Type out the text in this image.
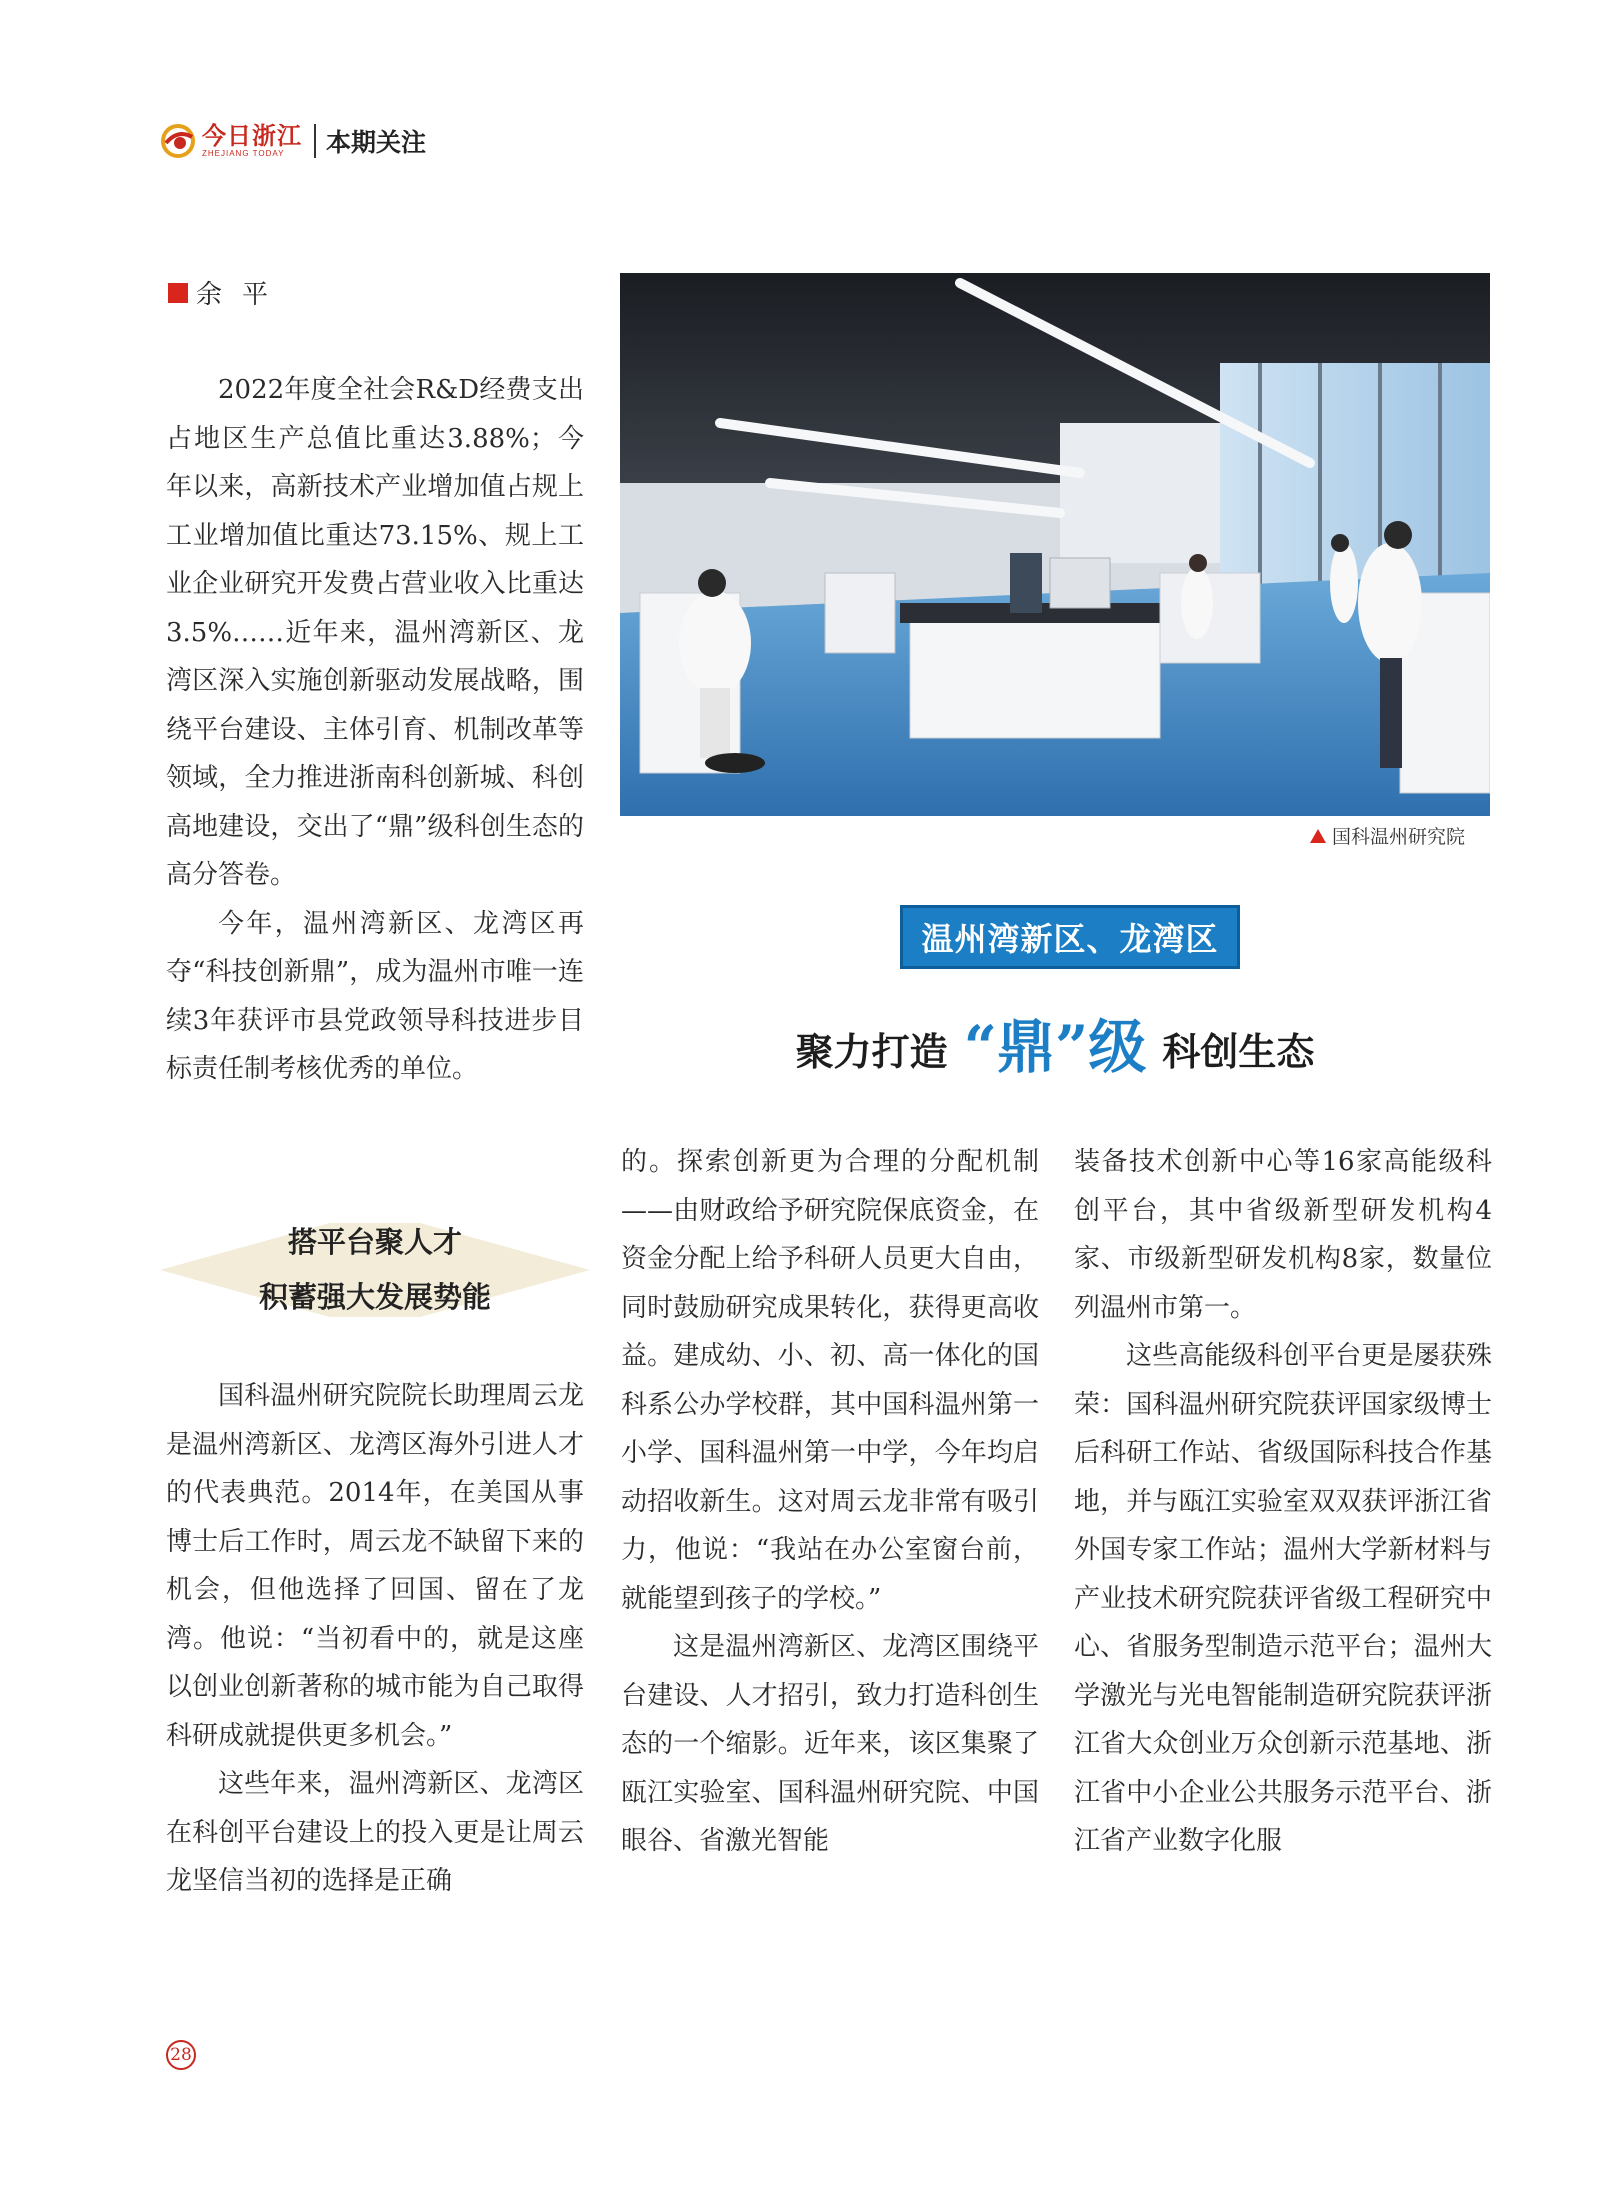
今日浙江
ZHEJIANG TODAY	本期关注
余平

2022年度全社会R&D经费支出占地区生产总值比重达3.88%；今年以来，高新技术产业增加值占规上工业增加值比重达73.15%、规上工业企业研究开发费占营业收入比重达3.5%……近年来，温州湾新区、龙湾区深入实施创新驱动发展战略，围绕平台建设、主体引育、机制改革等领域，全力推进浙南科创新城、科创高地建设，交出了“鼎”级科创生态的高分答卷。

今年，温州湾新区、龙湾区再夺“科技创新鼎”，成为温州市唯一连续3年获评市县党政领导科技进步目标责任制考核优秀的单位。

搭平台聚人才
积蓄强大发展势能

国科温州研究院院长助理周云龙是温州湾新区、龙湾区海外引进人才的代表典范。2014年，在美国从事博士后工作时，周云龙不缺留下来的机会，但他选择了回国、留在了龙湾。他说：“当初看中的，就是这座以创业创新著称的城市能为自己取得科研成就提供更多机会。”

这些年来，温州湾新区、龙湾区在科创平台建设上的投入更是让周云龙坚信当初的选择是正确

国科温州研究院
温州湾新区、龙湾区
聚力打造 “鼎”级 科创生态

的。探索创新更为合理的分配机制——由财政给予研究院保底资金，在资金分配上给予科研人员更大自由，同时鼓励研究成果转化，获得更高收益。建成幼、小、初、高一体化的国科系公办学校群，其中国科温州第一小学、国科温州第一中学，今年均启动招收新生。这对周云龙非常有吸引力，他说：“我站在办公室窗台前，就能望到孩子的学校。”

这是温州湾新区、龙湾区围绕平台建设、人才招引，致力打造科创生态的一个缩影。近年来，该区集聚了瓯江实验室、国科温州研究院、中国眼谷、省激光智能

装备技术创新中心等16家高能级科创平台，其中省级新型研发机构4家、市级新型研发机构8家，数量位列温州市第一。

这些高能级科创平台更是屡获殊荣：国科温州研究院获评国家级博士后科研工作站、省级国际科技合作基地，并与瓯江实验室双双获评浙江省外国专家工作站；温州大学新材料与产业技术研究院获评省级工程研究中心、省服务型制造示范平台；温州大学激光与光电智能制造研究院获评浙江省大众创业万众创新示范基地、浙江省中小企业公共服务示范平台、浙江省产业数字化服

28
